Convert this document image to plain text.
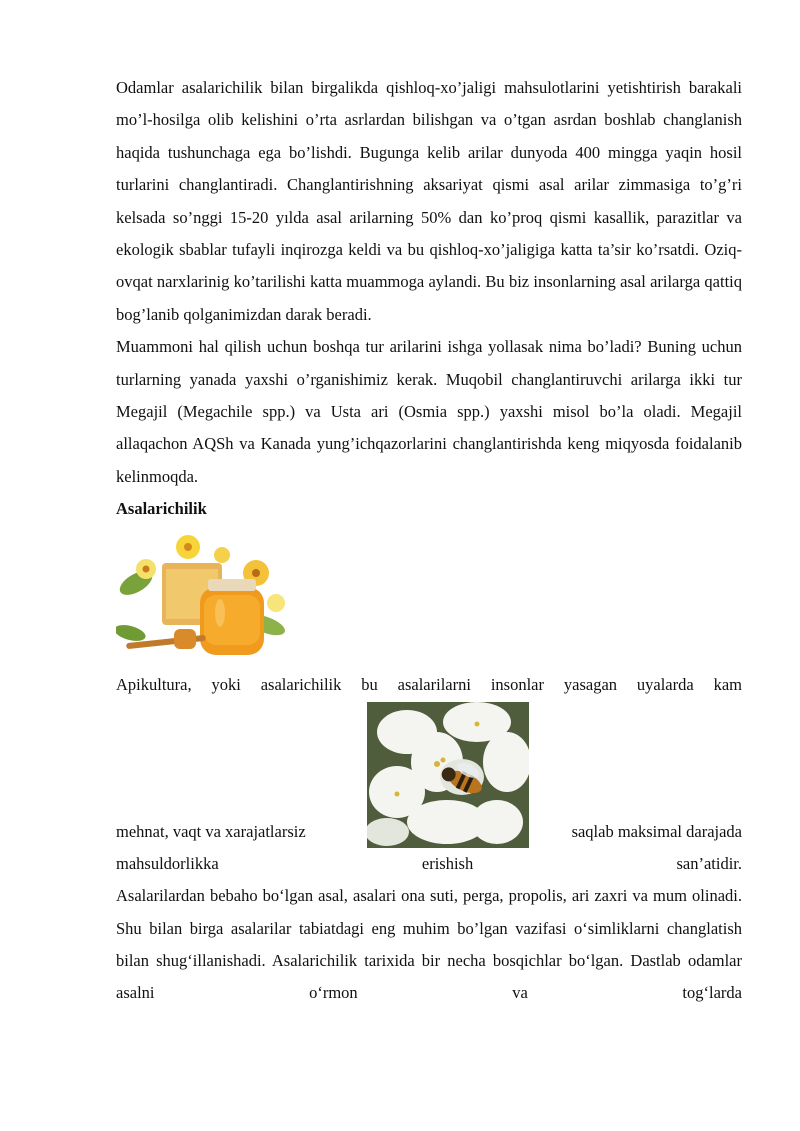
Odamlar asalarichilik bilan birgalikda qishloq-xo’jaligi mahsulotlarini yetishtirish barakali mo’l-hosilga olib kelishini o’rta asrlardan bilishgan va o’tgan asrdan boshlab changlanish haqida tushunchaga ega bo’lishdi. Bugunga kelib arilar dunyoda 400 mingga yaqin hosil turlarini changlantiradi. Changlantirishning aksariyat qismi asal arilar zimmasiga to’g’ri kelsada so’nggi 15-20 yılda asal arilarning 50% dan ko’proq qismi kasallik, parazitlar va ekologik sbablar tufayli inqirozga keldi va bu qishloq-xo’jaligiga katta ta’sir ko’rsatdi. Oziq-ovqat narxlarinig ko’tarilishi katta muammoga aylandi. Bu biz insonlarning asal arilarga qattiq bog’lanib qolganimizdan darak beradi.

Muammoni hal qilish uchun boshqa tur arilarini ishga yollasak nima bo’ladi? Buning uchun turlarning yanada yaxshi o’rganishimiz kerak. Muqobil changlantiruvchi arilarga ikki tur Megajil (Megachile spp.) va Usta ari (Osmia spp.) yaxshi misol bo’la oladi. Megajil allaqachon AQSh va Kanada yung’ichqazorlarini changlantirishda keng miqyosda foidalanib kelinmoqda.

Asalarichilik

Apikultura, yoki asalarichilik bu asalarilarni insonlar yasagan uyalarda kam
mehnat, vaqt va xarajatlarsiz	saqlab maksimal darajada
mahsuldorlikka	erishish	san’atidir.

Asalarilardan bebaho bo‘lgan asal, asalari ona suti, perga, propolis, ari zaxri va mum olinadi. Shu bilan birga asalarilar tabiatdagi eng muhim bo’lgan vazifasi o‘simliklarni changlatish bilan shug‘illanishadi. Asalarichilik tarixida bir necha bosqichlar bo‘lgan. Dastlab odamlar asalni o‘rmon va tog‘larda
